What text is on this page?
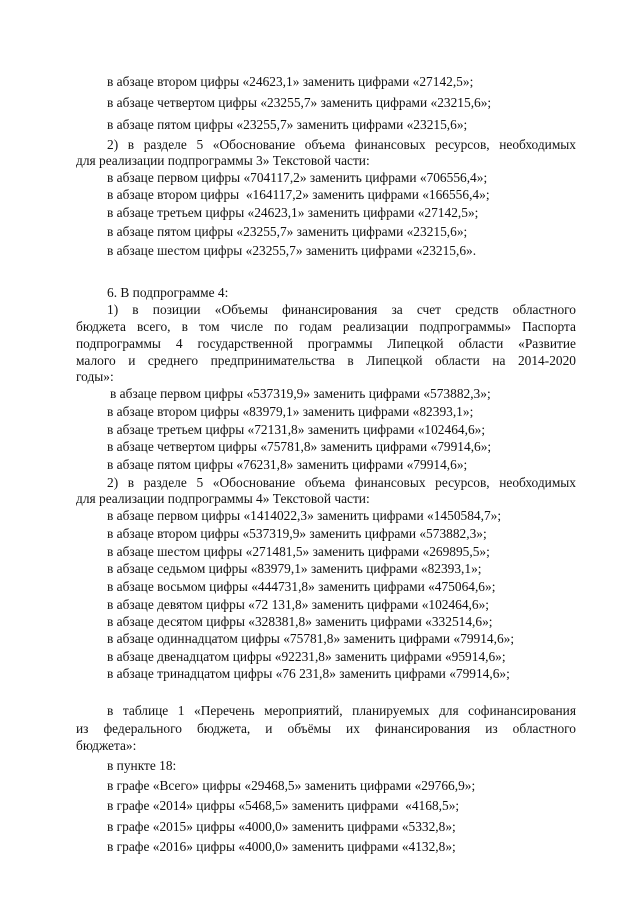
в абзаце втором цифры «24623,1» заменить цифрами «27142,5»;

в абзаце четвертом цифры «23255,7» заменить цифрами «23215,6»;

в абзаце пятом цифры «23255,7» заменить цифрами «23215,6»;

2) в разделе 5 «Обоснование объема финансовых ресурсов, необходимых

для реализации подпрограммы 3» Текстовой части:

в абзаце первом цифры «704117,2» заменить цифрами «706556,4»;

в абзаце втором цифры  «164117,2» заменить цифрами «166556,4»;

в абзаце третьем цифры «24623,1» заменить цифрами «27142,5»;

в абзаце пятом цифры «23255,7» заменить цифрами «23215,6»;

в абзаце шестом цифры «23255,7» заменить цифрами «23215,6».

6. В подпрограмме 4:

1) в позиции «Объемы финансирования за счет средств областного

бюджета всего, в том числе по годам реализации подпрограммы» Паспорта

подпрограммы 4 государственной программы Липецкой области «Развитие

малого и среднего предпринимательства в Липецкой области на 2014-2020

годы»:

в абзаце первом цифры «537319,9» заменить цифрами «573882,3»;

в абзаце втором цифры «83979,1» заменить цифрами «82393,1»;

в абзаце третьем цифры «72131,8» заменить цифрами «102464,6»;

в абзаце четвертом цифры «75781,8» заменить цифрами «79914,6»;

в абзаце пятом цифры «76231,8» заменить цифрами «79914,6»;

2) в разделе 5 «Обоснование объема финансовых ресурсов, необходимых

для реализации подпрограммы 4» Текстовой части:

в абзаце первом цифры «1414022,3» заменить цифрами «1450584,7»;

в абзаце втором цифры «537319,9» заменить цифрами «573882,3»;

в абзаце шестом цифры «271481,5» заменить цифрами «269895,5»;

в абзаце седьмом цифры «83979,1» заменить цифрами «82393,1»;

в абзаце восьмом цифры «444731,8» заменить цифрами «475064,6»;

в абзаце девятом цифры «72 131,8» заменить цифрами «102464,6»;

в абзаце десятом цифры «328381,8» заменить цифрами «332514,6»;

в абзаце одиннадцатом цифры «75781,8» заменить цифрами «79914,6»;

в абзаце двенадцатом цифры «92231,8» заменить цифрами «95914,6»;

в абзаце тринадцатом цифры «76 231,8» заменить цифрами «79914,6»;

в таблице 1 «Перечень мероприятий, планируемых для софинансирования

из федерального бюджета, и объёмы их финансирования из областного

бюджета»:

в пункте 18:

в графе «Всего» цифры «29468,5» заменить цифрами «29766,9»;

в графе «2014» цифры «5468,5» заменить цифрами  «4168,5»;

в графе «2015» цифры «4000,0» заменить цифрами «5332,8»;

в графе «2016» цифры «4000,0» заменить цифрами «4132,8»;
